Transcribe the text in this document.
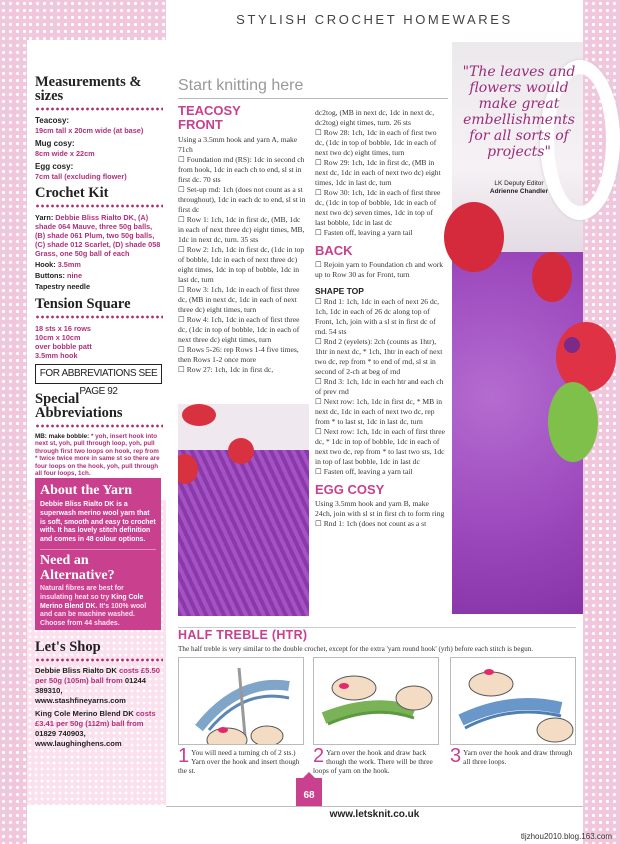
STYLISH CROCHET HOMEWARES
Measurements & sizes
Teacosy:
19cm tall x 20cm wide (at base)
Mug cosy:
8cm wide x 22cm
Egg cosy:
7cm tall (excluding flower)
Crochet Kit
Yarn: Debbie Bliss Rialto DK, (A) shade 064 Mauve, three 50g balls, (B) shade 061 Plum, two 50g balls, (C) shade 012 Scarlet, (D) shade 058 Grass, one 50g ball of each
Hook: 3.5mm
Buttons: nine
Tapestry needle
Tension Square
18 sts x 16 rows
10cm x 10cm
over bobble patt
3.5mm hook
FOR ABBREVIATIONS SEE PAGE 92
Special Abbreviations
MB: make bobble: * yoh, insert hook into next st, yoh, pull through loop, yoh, pull through first two loops on hook, rep from * twice twice more in same st so there are four loops on the hook, yoh, pull through all four loops, 1ch.
About the Yarn

Debbie Bliss Rialto DK is a superwash merino wool yarn that is soft, smooth and easy to crochet with. It has lovely stitch definition and comes in 48 colour options.

Need an Alternative?

Natural fibres are best for insulating heat so try King Cole Merino Blend DK. It's 100% wool and can be machine washed. Choose from 44 shades.

Let's Shop

Debbie Bliss Rialto DK costs £5.50 per 50g (105m) ball from 01244 389310,

www.stashfineyarns.com

King Cole Merino Blend DK costs £3.41 per 50g (112m) ball from 01829 740903,

www.laughinghens.com

Start knitting here
TEACOSY FRONT

Using a 3.5mm hook and yarn A, make 71ch

☐ Foundation rnd (RS): 1dc in second ch from hook, 1dc in each ch to end, sl st in first dc. 70 sts

☐ Set-up rnd: 1ch (does not count as a st throughout), 1dc in each dc to end, sl st in first dc

☐ Row 1: 1ch, 1dc in first dc, (MB, 1dc in each of next three dc) eight times, MB, 1dc in next dc, turn. 35 sts

☐ Row 2: 1ch, 1dc in first dc, (1dc in top of bobble, 1dc in each of next three dc) eight times, 1dc in top of bobble, 1dc in last dc, turn

☐ Row 3: 1ch, 1dc in each of first three dc, (MB in next dc, 1dc in each of next three dc) eight times, turn

☐ Row 4: 1ch, 1dc in each of first three dc, (1dc in top of bobble, 1dc in each of next three dc) eight times, turn

☐ Rows 5-26: rep Rows 1-4 five times, then Rows 1-2 once more

☐ Row 27: 1ch, 1dc in first dc,

dc2tog, (MB in next dc, 1dc in next dc, dc2tog) eight times, turn. 26 sts

☐ Row 28: 1ch, 1dc in each of first two dc, (1dc in top of bobble, 1dc in each of next two dc) eight times, turn

☐ Row 29: 1ch, 1dc in first dc, (MB in next dc, 1dc in each of next two dc) eight times, 1dc in last dc, turn

☐ Row 30: 1ch, 1dc in each of first three dc, (1dc in top of bobble, 1dc in each of next two dc) seven times, 1dc in top of last bobble, 1dc in last dc

☐ Fasten off, leaving a yarn tail

BACK

☐ Rejoin yarn to Foundation ch and work up to Row 30 as for Front, turn

SHAPE TOP

☐ Rnd 1: 1ch, 1dc in each of next 26 dc, 1ch, 1dc in each of 26 dc along top of Front, 1ch, join with a sl st in first dc of rnd. 54 sts

☐ Rnd 2 (eyelets): 2ch (counts as 1htr), 1htr in next dc, * 1ch, 1htr in each of next two dc, rep from * to end of rnd, sl st in second of 2-ch at beg of rnd

☐ Rnd 3: 1ch, 1dc in each htr and each ch of prev rnd

☐ Next row: 1ch, 1dc in first dc, * MB in next dc, 1dc in each of next two dc, rep from * to last st, 1dc in last dc, turn

☐ Next row: 1ch, 1dc in each of first three dc, * 1dc in top of bobble, 1dc in each of next two dc, rep from * to last two sts, 1dc in top of last bobble, 1dc in last dc

☐ Fasten off, leaving a yarn tail

EGG COSY

Using 3.5mm hook and yarn B, make 24ch, join with sl st in first ch to form ring

☐ Rnd 1: 1ch (does not count as a st

"The leaves and flowers would make great embellishments for all sorts of projects"
LK Deputy Editor
Adrienne Chandler
HALF TREBLE (HTR)
The half treble is very similar to the double crochet, except for the extra 'yarn round hook' (yrh) before each stitch is begun.
1 You will need a turning ch of 2 sts.) Yarn over the hook and insert though the st.
2 Yarn over the hook and draw back though the work. There will be three loops of yarn on the hook.
3 Yarn over the hook and draw through all three loops.
68
www.letsknit.co.uk
tljzhou2010.blog.163.com
